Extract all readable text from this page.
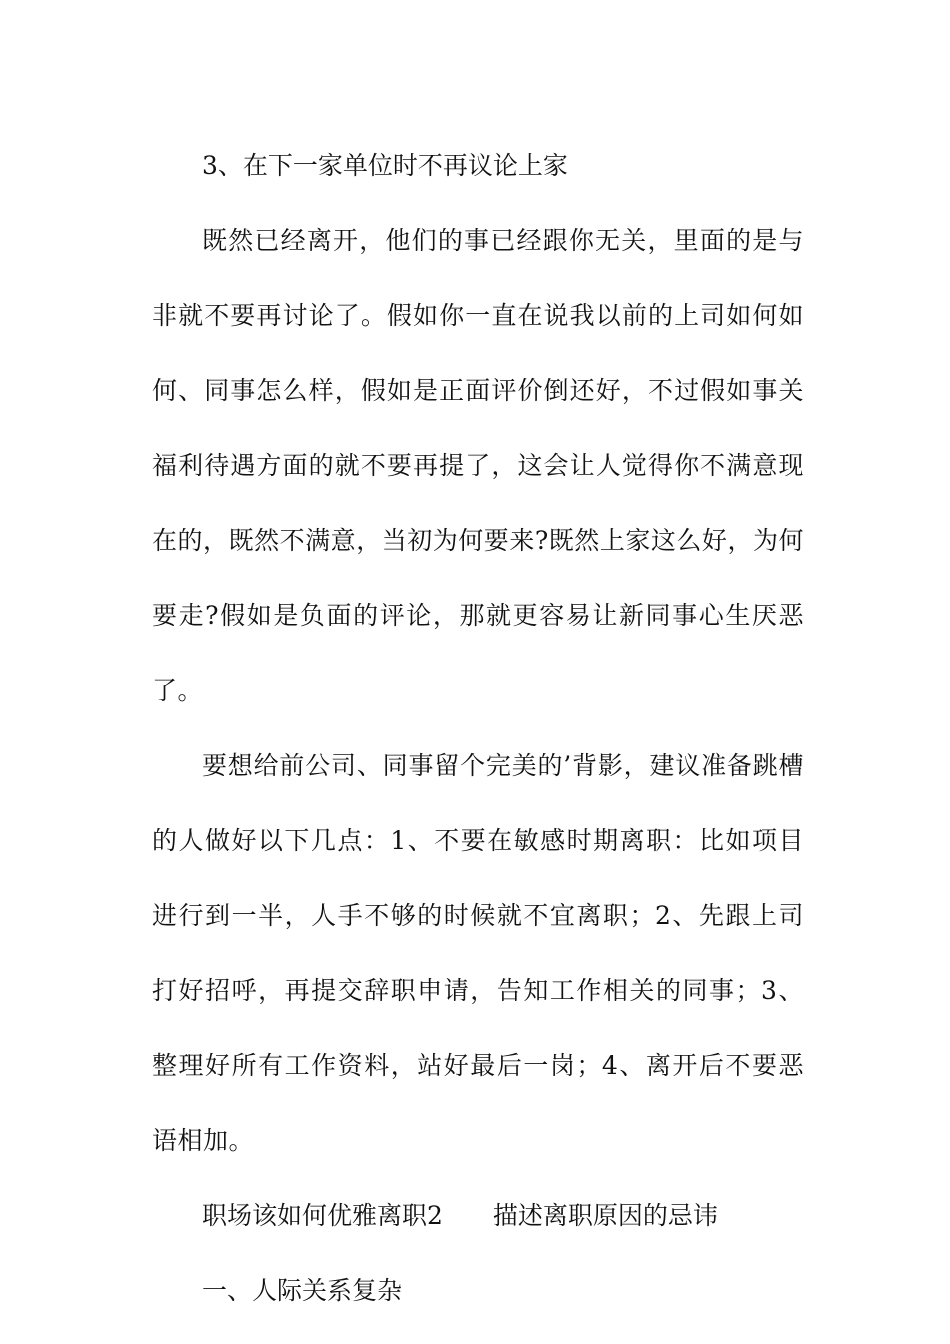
3、在下一家单位时不再议论上家

既然已经离开，他们的事已经跟你无关，里面的是与非就不要再讨论了。假如你一直在说我以前的上司如何如何、同事怎么样，假如是正面评价倒还好，不过假如事关福利待遇方面的就不要再提了，这会让人觉得你不满意现在的，既然不满意，当初为何要来?既然上家这么好，为何要走?假如是负面的评论，那就更容易让新同事心生厌恶了。

要想给前公司、同事留个完美的’背影，建议准备跳槽的人做好以下几点：1、不要在敏感时期离职：比如项目进行到一半，人手不够的时候就不宜离职；2、先跟上司打好招呼，再提交辞职申请，告知工作相关的同事；3、整理好所有工作资料，站好最后一岗；4、离开后不要恶语相加。

职场该如何优雅离职2　　描述离职原因的忌讳

一、人际关系复杂
